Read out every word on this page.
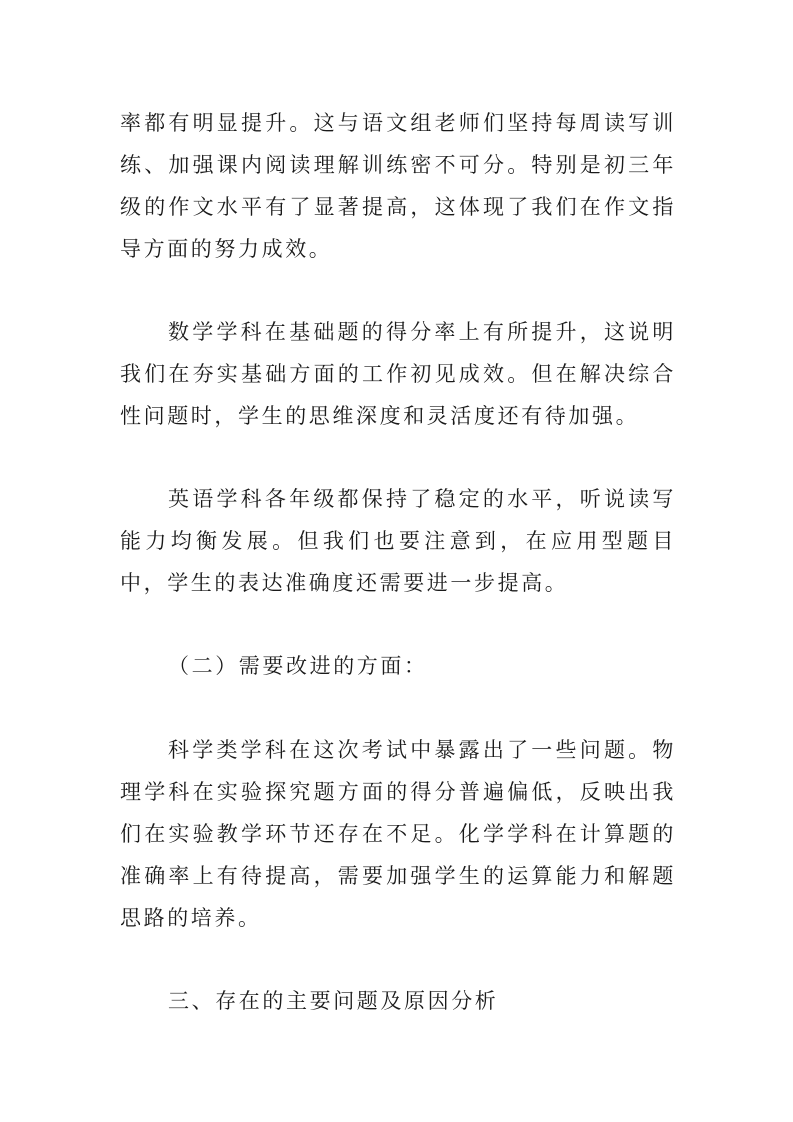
率都有明显提升。这与语文组老师们坚持每周读写训练、加强课内阅读理解训练密不可分。特别是初三年级的作文水平有了显著提高，这体现了我们在作文指导方面的努力成效。
数学学科在基础题的得分率上有所提升，这说明我们在夯实基础方面的工作初见成效。但在解决综合性问题时，学生的思维深度和灵活度还有待加强。
英语学科各年级都保持了稳定的水平，听说读写能力均衡发展。但我们也要注意到，在应用型题目中，学生的表达准确度还需要进一步提高。
（二）需要改进的方面：
科学类学科在这次考试中暴露出了一些问题。物理学科在实验探究题方面的得分普遍偏低，反映出我们在实验教学环节还存在不足。化学学科在计算题的准确率上有待提高，需要加强学生的运算能力和解题思路的培养。
三、存在的主要问题及原因分析
